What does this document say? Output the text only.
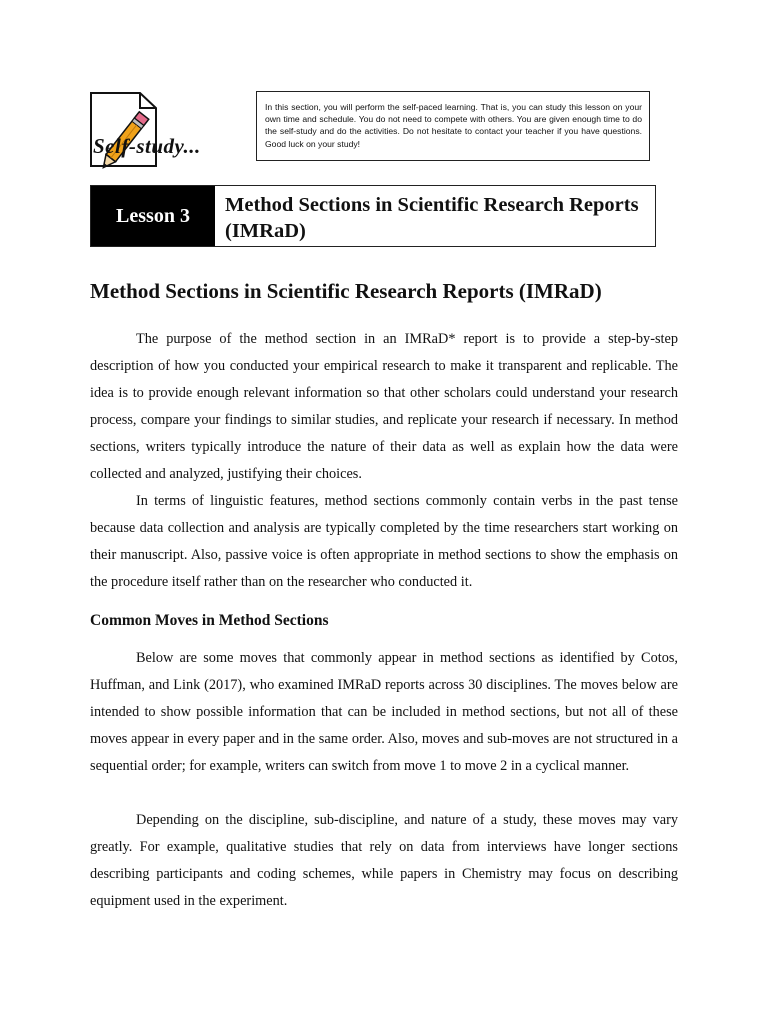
Self-study...
In this section, you will perform the self-paced learning. That is, you can study this lesson on your own time and schedule. You do not need to compete with others. You are given enough time to do the self-study and do the activities. Do not hesitate to contact your teacher if you have questions. Good luck on your study!
Lesson 3	Method Sections in Scientific Research Reports (IMRaD)
Method Sections in Scientific Research Reports (IMRaD)

The purpose of the method section in an IMRaD* report is to provide a step-by-step description of how you conducted your empirical research to make it transparent and replicable. The idea is to provide enough relevant information so that other scholars could understand your research process, compare your findings to similar studies, and replicate your research if necessary. In method sections, writers typically introduce the nature of their data as well as explain how the data were collected and analyzed, justifying their choices.

In terms of linguistic features, method sections commonly contain verbs in the past tense because data collection and analysis are typically completed by the time researchers start working on their manuscript. Also, passive voice is often appropriate in method sections to show the emphasis on the procedure itself rather than on the researcher who conducted it.

Common Moves in Method Sections

Below are some moves that commonly appear in method sections as identified by Cotos, Huffman, and Link (2017), who examined IMRaD reports across 30 disciplines. The moves below are intended to show possible information that can be included in method sections, but not all of these moves appear in every paper and in the same order. Also, moves and sub-moves are not structured in a sequential order; for example, writers can switch from move 1 to move 2 in a cyclical manner.

Depending on the discipline, sub-discipline, and nature of a study, these moves may vary greatly. For example, qualitative studies that rely on data from interviews have longer sections describing participants and coding schemes, while papers in Chemistry may focus on describing equipment used in the experiment.
